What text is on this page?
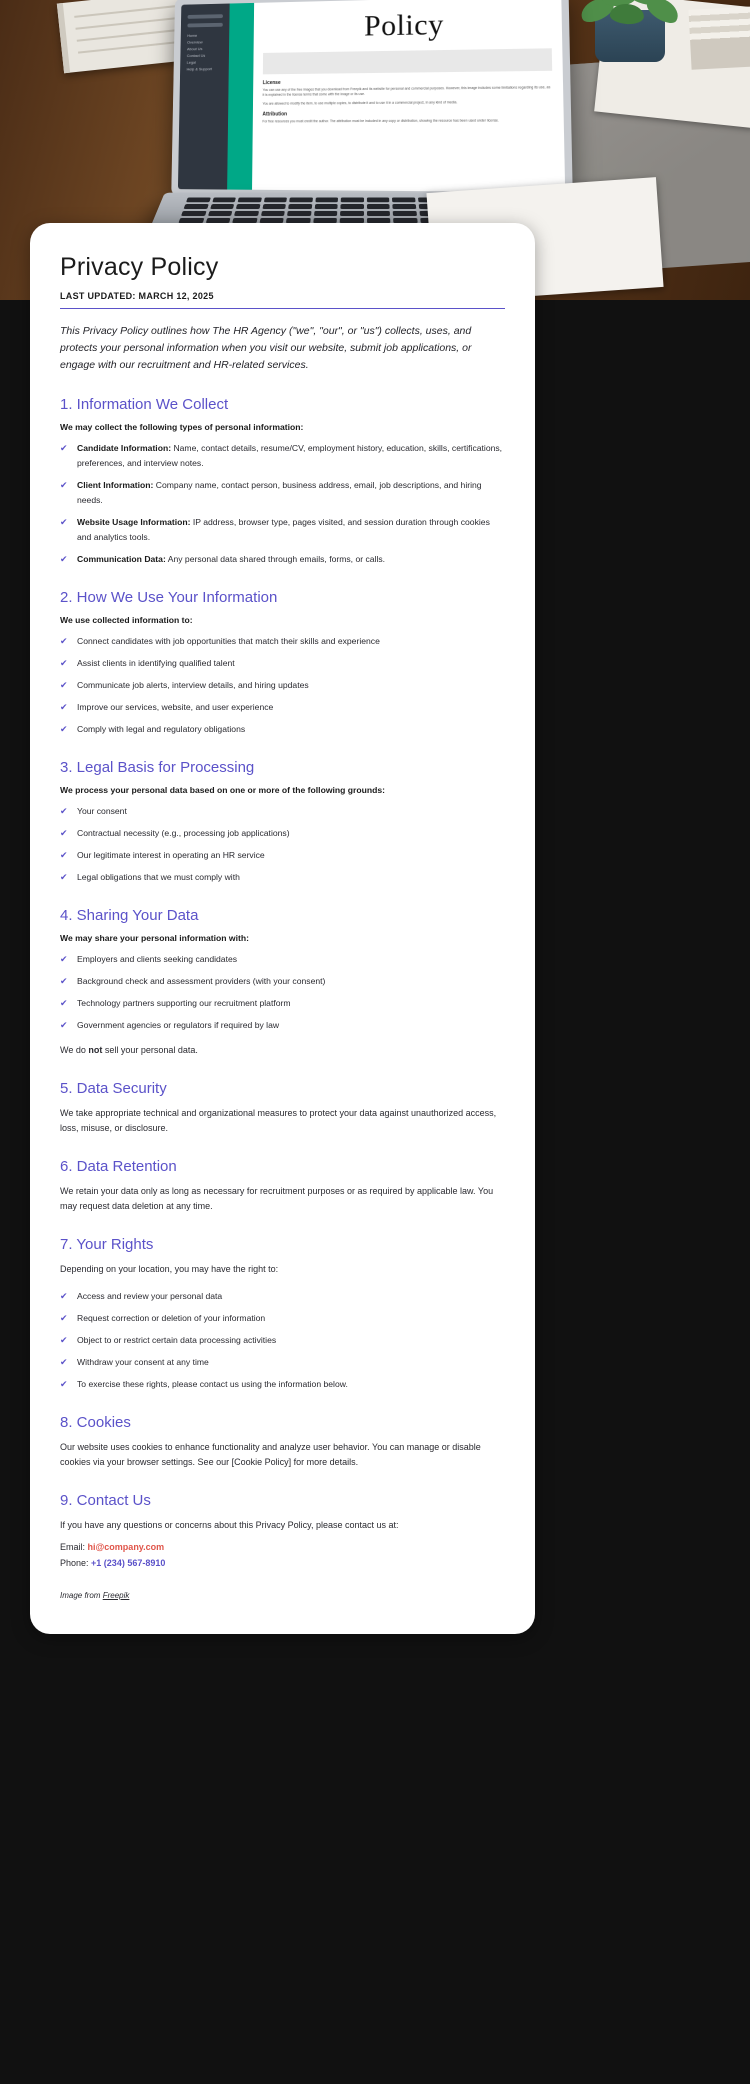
Home
Overview
About Us
Contact Us
Legal
Help & Support
Policy
License
You can use any of the free images that you download from Freepik and its website for personal and commercial purposes. However, this image includes some limitations regarding its use, as it is explained in the license terms that come with the image or its use.
You are allowed to modify the item, to use multiple copies, to distribute it and to use it in a commercial project, in any kind of media.
Attribution
For free resources you must credit the author. The attribution must be included in any copy or distribution, showing the resource has been used under license.
Privacy Policy
LAST UPDATED: MARCH 12, 2025

This Privacy Policy outlines how The HR Agency ("we", "our", or "us") collects, uses, and protects your personal information when you visit our website, submit job applications, or engage with our recruitment and HR-related services.

1. Information We Collect
We may collect the following types of personal information:
✔ Candidate Information: Name, contact details, resume/CV, employment history, education, skills, certifications, preferences, and interview notes.
✔ Client Information: Company name, contact person, business address, email, job descriptions, and hiring needs.
✔ Website Usage Information: IP address, browser type, pages visited, and session duration through cookies and analytics tools.
✔ Communication Data: Any personal data shared through emails, forms, or calls.
2. How We Use Your Information
We use collected information to:
✔ Connect candidates with job opportunities that match their skills and experience
✔ Assist clients in identifying qualified talent
✔ Communicate job alerts, interview details, and hiring updates
✔ Improve our services, website, and user experience
✔ Comply with legal and regulatory obligations
3. Legal Basis for Processing
We process your personal data based on one or more of the following grounds:
✔ Your consent
✔ Contractual necessity (e.g., processing job applications)
✔ Our legitimate interest in operating an HR service
✔ Legal obligations that we must comply with
4. Sharing Your Data
We may share your personal information with:
✔ Employers and clients seeking candidates
✔ Background check and assessment providers (with your consent)
✔ Technology partners supporting our recruitment platform
✔ Government agencies or regulators if required by law

We do not sell your personal data.

5. Data Security

We take appropriate technical and organizational measures to protect your data against unauthorized access, loss, misuse, or disclosure.

6. Data Retention

We retain your data only as long as necessary for recruitment purposes or as required by applicable law. You may request data deletion at any time.

7. Your Rights

Depending on your location, you may have the right to:

✔ Access and review your personal data
✔ Request correction or deletion of your information
✔ Object to or restrict certain data processing activities
✔ Withdraw your consent at any time
✔ To exercise these rights, please contact us using the information below.
8. Cookies

Our website uses cookies to enhance functionality and analyze user behavior. You can manage or disable cookies via your browser settings. See our [Cookie Policy] for more details.

9. Contact Us

If you have any questions or concerns about this Privacy Policy, please contact us at:

Email: hi@company.com
Phone: +1 (234) 567-8910
Image from Freepik
